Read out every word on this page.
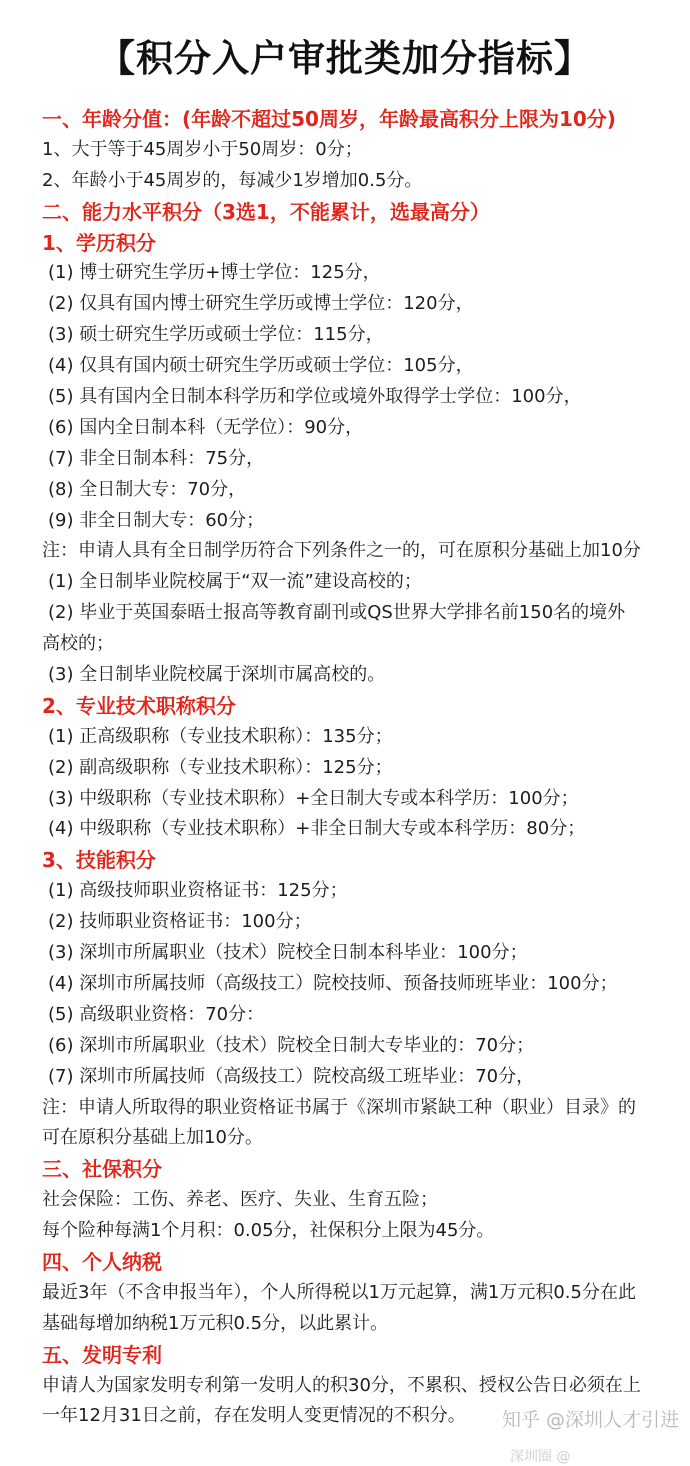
【积分入户审批类加分指标】
一、年龄分值：(年龄不超过50周岁，年龄最高积分上限为10分)
1、大于等于45周岁小于50周岁：0分；
2、年龄小于45周岁的，每减少1岁增加0.5分。
二、能力水平积分（3选1，不能累计，选最高分）
1、学历积分
(1) 博士研究生学历+博士学位：125分，
(2) 仅具有国内博士研究生学历或博士学位：120分，
(3) 硕士研究生学历或硕士学位：115分，
(4) 仅具有国内硕士研究生学历或硕士学位：105分，
(5) 具有国内全日制本科学历和学位或境外取得学士学位：100分，
(6) 国内全日制本科（无学位）：90分，
(7) 非全日制本科：75分，
(8) 全日制大专：70分，
(9) 非全日制大专：60分；
注：申请人具有全日制学历符合下列条件之一的，可在原积分基础上加10分
(1) 全日制毕业院校属于“双一流”建设高校的；
(2) 毕业于英国泰晤士报高等教育副刊或QS世界大学排名前150名的境外
高校的；
(3) 全日制毕业院校属于深圳市属高校的。
2、专业技术职称积分
(1) 正高级职称（专业技术职称）：135分；
(2) 副高级职称（专业技术职称）：125分；
(3) 中级职称（专业技术职称）+全日制大专或本科学历：100分；
(4) 中级职称（专业技术职称）+非全日制大专或本科学历：80分；
3、技能积分
(1) 高级技师职业资格证书：125分；
(2) 技师职业资格证书：100分；
(3) 深圳市所属职业（技术）院校全日制本科毕业：100分；
(4) 深圳市所属技师（高级技工）院校技师、预备技师班毕业：100分；
(5) 高级职业资格：70分：
(6) 深圳市所属职业（技术）院校全日制大专毕业的：70分；
(7) 深圳市所属技师（高级技工）院校高级工班毕业：70分，
注：申请人所取得的职业资格证书属于《深圳市紧缺工种（职业）目录》的
可在原积分基础上加10分。
三、社保积分
社会保险：工伤、养老、医疗、失业、生育五险；
每个险种每满1个月积：0.05分，社保积分上限为45分。
四、个人纳税
最近3年（不含申报当年），个人所得税以1万元起算，满1万元积0.5分在此
基础每增加纳税1万元积0.5分，以此累计。
五、发明专利
申请人为国家发明专利第一发明人的积30分，不累积、授权公告日必须在上
一年12月31日之前，存在发明人变更情况的不积分。	知乎 @深圳人才引进
深圳圈 @
